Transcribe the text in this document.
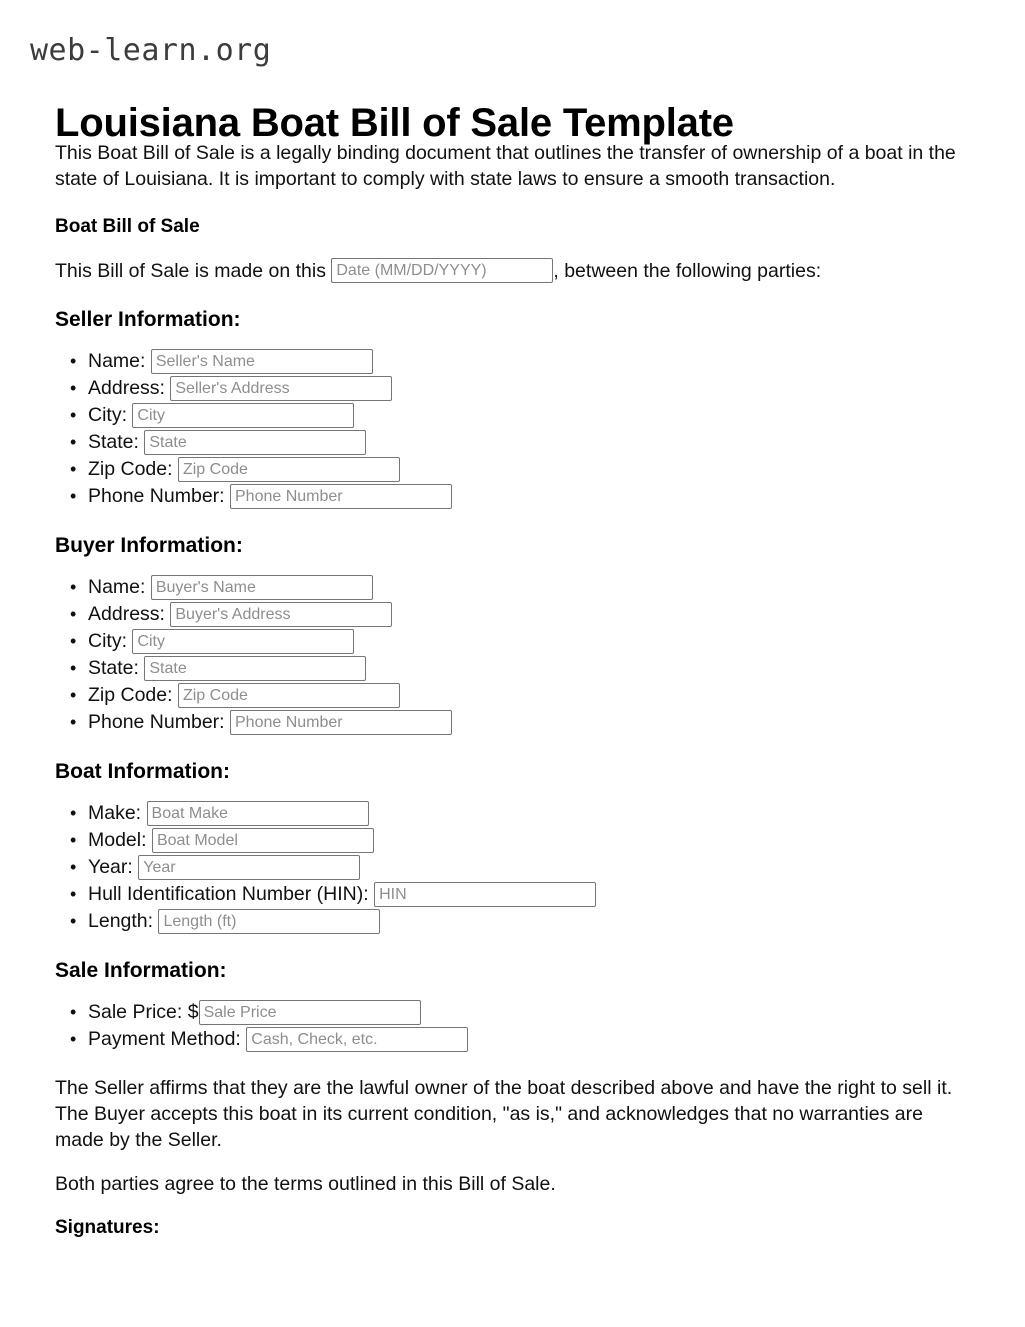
web-learn.org
Louisiana Boat Bill of Sale Template

This Boat Bill of Sale is a legally binding document that outlines the transfer of ownership of a boat in the state of Louisiana. It is important to comply with state laws to ensure a smooth transaction.

Boat Bill of Sale

This Bill of Sale is made on this Date (MM/DD/YYYY)	, between the following parties:

Seller Information:
• Name: Seller's Name
• Address: Seller's Address
• City: City
• State: State
• Zip Code: Zip Code
• Phone Number: Phone Number
Buyer Information:
• Name: Buyer's Name
• Address: Buyer's Address
• City: City
• State: State
• Zip Code: Zip Code
• Phone Number: Phone Number
Boat Information:
• Make: Boat Make
• Model: Boat Model
• Year: Year
• Hull Identification Number (HIN): HIN
• Length: Length (ft)
Sale Information:
• Sale Price: $ Sale Price
• Payment Method: Cash, Check, etc.

The Seller affirms that they are the lawful owner of the boat described above and have the right to sell it. The Buyer accepts this boat in its current condition, "as is," and acknowledges that no warranties are made by the Seller.

Both parties agree to the terms outlined in this Bill of Sale.

Signatures:
